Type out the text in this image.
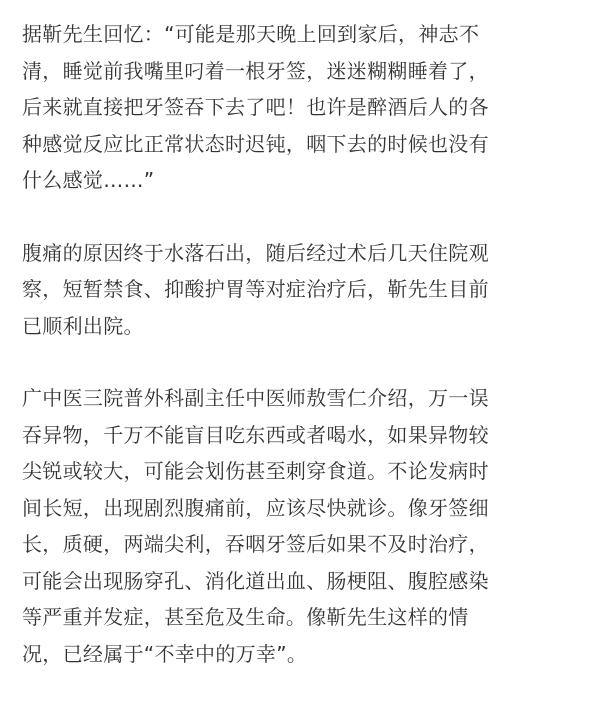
据靳先生回忆：“可能是那天晚上回到家后，神志不
清，睡觉前我嘴里叼着一根牙签，迷迷糊糊睡着了，
后来就直接把牙签吞下去了吧！也许是醉酒后人的各
种感觉反应比正常状态时迟钝，咽下去的时候也没有
什么感觉……”

腹痛的原因终于水落石出，随后经过术后几天住院观
察，短暂禁食、抑酸护胃等对症治疗后，靳先生目前
已顺利出院。

广中医三院普外科副主任中医师敖雪仁介绍，万一误
吞异物，千万不能盲目吃东西或者喝水，如果异物较
尖锐或较大，可能会划伤甚至刺穿食道。不论发病时
间长短，出现剧烈腹痛前，应该尽快就诊。像牙签细
长，质硬，两端尖利，吞咽牙签后如果不及时治疗，
可能会出现肠穿孔、消化道出血、肠梗阻、腹腔感染
等严重并发症，甚至危及生命。像靳先生这样的情
况，已经属于“不幸中的万幸”。
